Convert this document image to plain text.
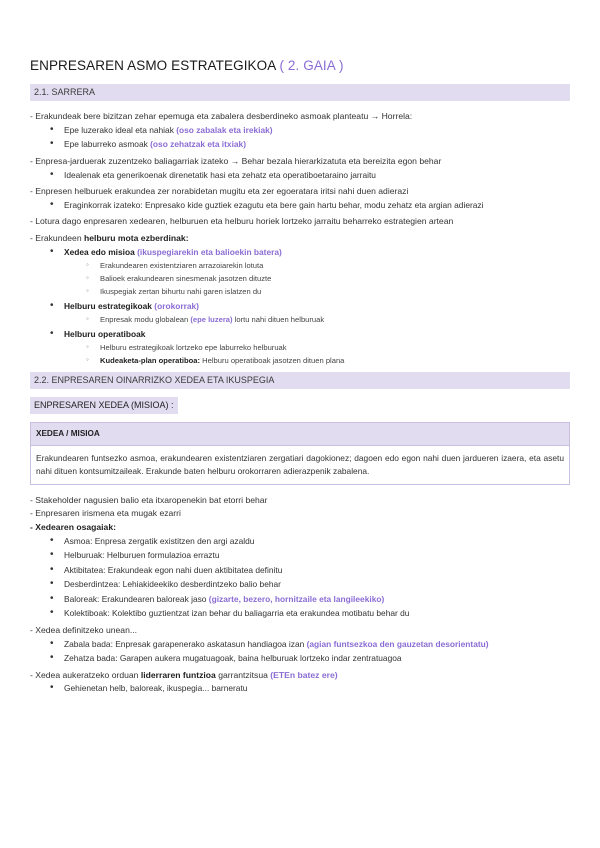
ENPRESAREN ASMO ESTRATEGIKOA ( 2. GAIA )
2.1. SARRERA
- Erakundeak bere bizitzan zehar epemuga eta zabalera desberdineko asmoak planteatu → Horrela:
• Epe luzerako ideal eta nahiak (oso zabalak eta irekiak)
• Epe laburreko asmoak (oso zehatzak eta itxiak)
- Enpresa-jarduerak zuzentzeko baliagarriak izateko → Behar bezala hierarkizatuta eta bereizita egon behar
• Idealenak eta generikoenak direnetatik hasi eta zehatz eta operatiboetaraino jarraitu
- Enpresen helburuek erakundea zer norabidetan mugitu eta zer egoeratara iritsi nahi duen adierazi
• Eraginkorrak izateko: Enpresako kide guztiek ezagutu eta bere gain hartu behar, modu zehatz eta argian adierazi
- Lotura dago enpresaren xedearen, helburuen eta helburu horiek lortzeko jarraitu beharreko estrategien artean
- Erakundeen helburu mota ezberdinak:
• Xedea edo misioa (ikuspegiarekin eta balioekin batera)
◦ Erakundearen existentziaren arrazoiarekin lotuta
◦ Balioek erakundearen sinesmenak jasotzen dituzte
◦ Ikuspegiak zertan bihurtu nahi garen islatzen du
• Helburu estrategikoak (orokorrak)
◦ Enpresak modu globalean (epe luzera) lortu nahi dituen helburuak
• Helburu operatiboak
◦ Helburu estrategikoak lortzeko epe laburreko helburuak
◦ Kudeaketa-plan operatiboa: Helburu operatiboak jasotzen dituen plana
2.2. ENPRESAREN OINARRIZKO XEDEA ETA IKUSPEGIA
ENPRESAREN XEDEA (MISIOA) :
XEDEA / MISIOA
Erakundearen funtsezko asmoa, erakundearen existentziaren zergatiari dagokionez; dagoen edo egon nahi duen jardueren izaera, eta asetu nahi dituen kontsumitzaileak. Erakunde baten helburu orokorraren adierazpenik zabalena.
- Stakeholder nagusien balio eta itxaropenekin bat etorri behar
- Enpresaren irismena eta mugak ezarri
- Xedearen osagaiak:
• Asmoa: Enpresa zergatik existitzen den argi azaldu
• Helburuak: Helburuen formulazioa erraztu
• Aktibitatea: Erakundeak egon nahi duen aktibitatea definitu
• Desberdintzea: Lehiakideekiko desberdintzeko balio behar
• Baloreak: Erakundearen baloreak jaso (gizarte, bezero, hornitzaile eta langileekiko)
• Kolektiboak: Kolektibo guztientzat izan behar du baliagarria eta erakundea motibatu behar du
- Xedea definitzeko unean...
• Zabala bada: Enpresak garapenerako askatasun handiagoa izan (agian funtsezkoa den gauzetan desorientatu)
• Zehatza bada: Garapen aukera mugatuagoak, baina helburuak lortzeko indar zentratuagoa
- Xedea aukeratzeko orduan liderraren funtzioa garrantzitsua (ETEn batez ere)
• Gehienetan helb, baloreak, ikuspegia... barneratu
